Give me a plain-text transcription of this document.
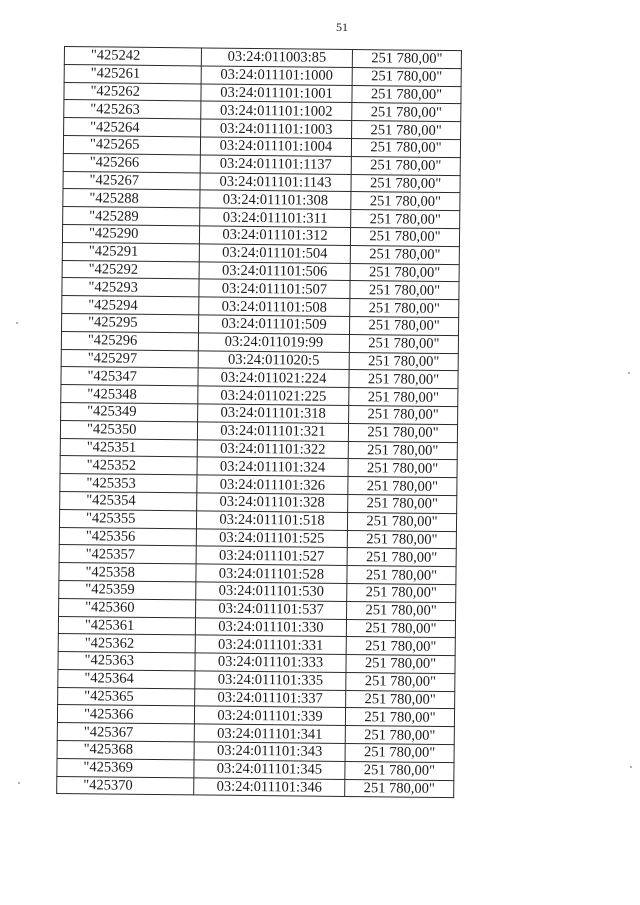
51
"425242	03:24:011003:85	251 780,00"
"425261	03:24:011101:1000	251 780,00"
"425262	03:24:011101:1001	251 780,00"
"425263	03:24:011101:1002	251 780,00"
"425264	03:24:011101:1003	251 780,00"
"425265	03:24:011101:1004	251 780,00"
"425266	03:24:011101:1137	251 780,00"
"425267	03:24:011101:1143	251 780,00"
"425288	03:24:011101:308	251 780,00"
"425289	03:24:011101:311	251 780,00"
"425290	03:24:011101:312	251 780,00"
"425291	03:24:011101:504	251 780,00"
"425292	03:24:011101:506	251 780,00"
"425293	03:24:011101:507	251 780,00"
"425294	03:24:011101:508	251 780,00"
"425295	03:24:011101:509	251 780,00"
"425296	03:24:011019:99	251 780,00"
"425297	03:24:011020:5	251 780,00"
"425347	03:24:011021:224	251 780,00"
"425348	03:24:011021:225	251 780,00"
"425349	03:24:011101:318	251 780,00"
"425350	03:24:011101:321	251 780,00"
"425351	03:24:011101:322	251 780,00"
"425352	03:24:011101:324	251 780,00"
"425353	03:24:011101:326	251 780,00"
"425354	03:24:011101:328	251 780,00"
"425355	03:24:011101:518	251 780,00"
"425356	03:24:011101:525	251 780,00"
"425357	03:24:011101:527	251 780,00"
"425358	03:24:011101:528	251 780,00"
"425359	03:24:011101:530	251 780,00"
"425360	03:24:011101:537	251 780,00"
"425361	03:24:011101:330	251 780,00"
"425362	03:24:011101:331	251 780,00"
"425363	03:24:011101:333	251 780,00"
"425364	03:24:011101:335	251 780,00"
"425365	03:24:011101:337	251 780,00"
"425366	03:24:011101:339	251 780,00"
"425367	03:24:011101:341	251 780,00"
"425368	03:24:011101:343	251 780,00"
"425369	03:24:011101:345	251 780,00"
"425370	03:24:011101:346	251 780,00"
